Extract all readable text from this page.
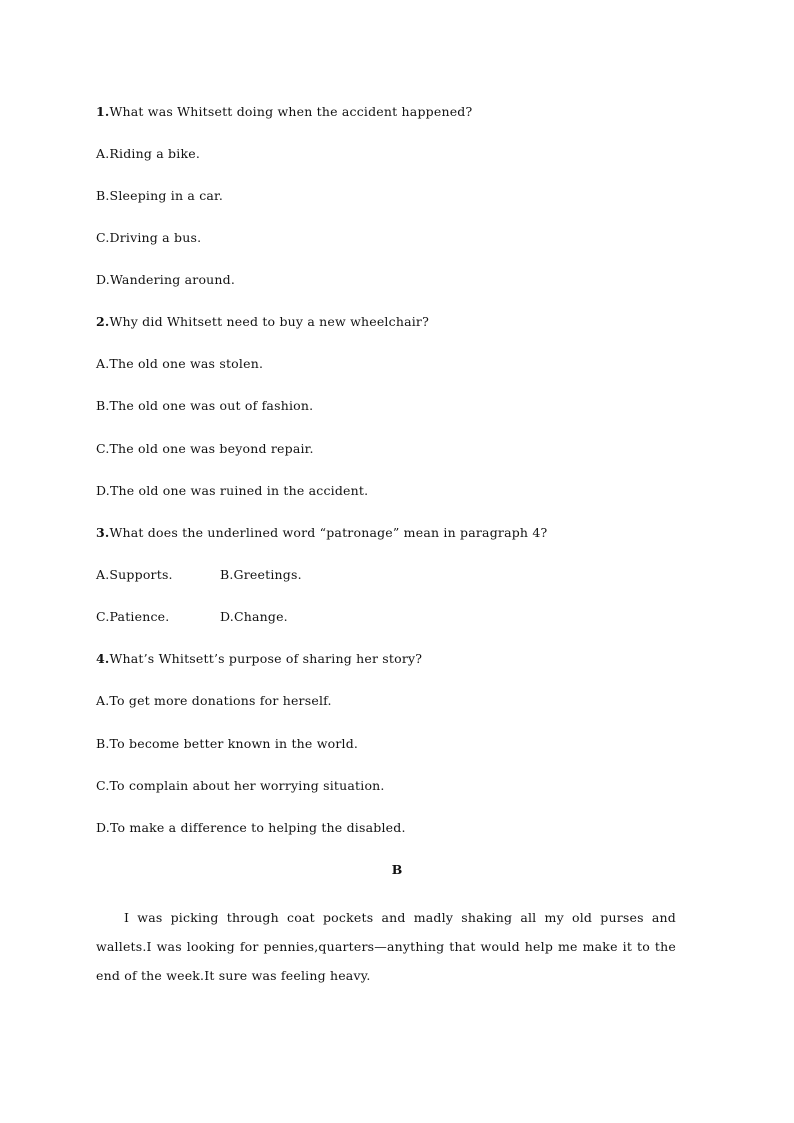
1.What was Whitsett doing when the accident happened?
A.Riding a bike.
B.Sleeping in a car.
C.Driving a bus.
D.Wandering around.
2.Why did Whitsett need to buy a new wheelchair?
A.The old one was stolen.
B.The old one was out of fashion.
C.The old one was beyond repair.
D.The old one was ruined in the accident.
3.What does the underlined word “patronage” mean in paragraph 4?
A.Supports.	B.Greetings.
C.Patience.	D.Change.
4.What’s Whitsett’s purpose of sharing her story?
A.To get more donations for herself.
B.To become better known in the world.
C.To complain about her worrying situation.
D.To make a difference to helping the disabled.
B
I was picking through coat pockets and madly shaking all my old purses and wallets.I was looking for pennies,quarters—anything that would help me make it to the end of the week.It sure was feeling heavy.
